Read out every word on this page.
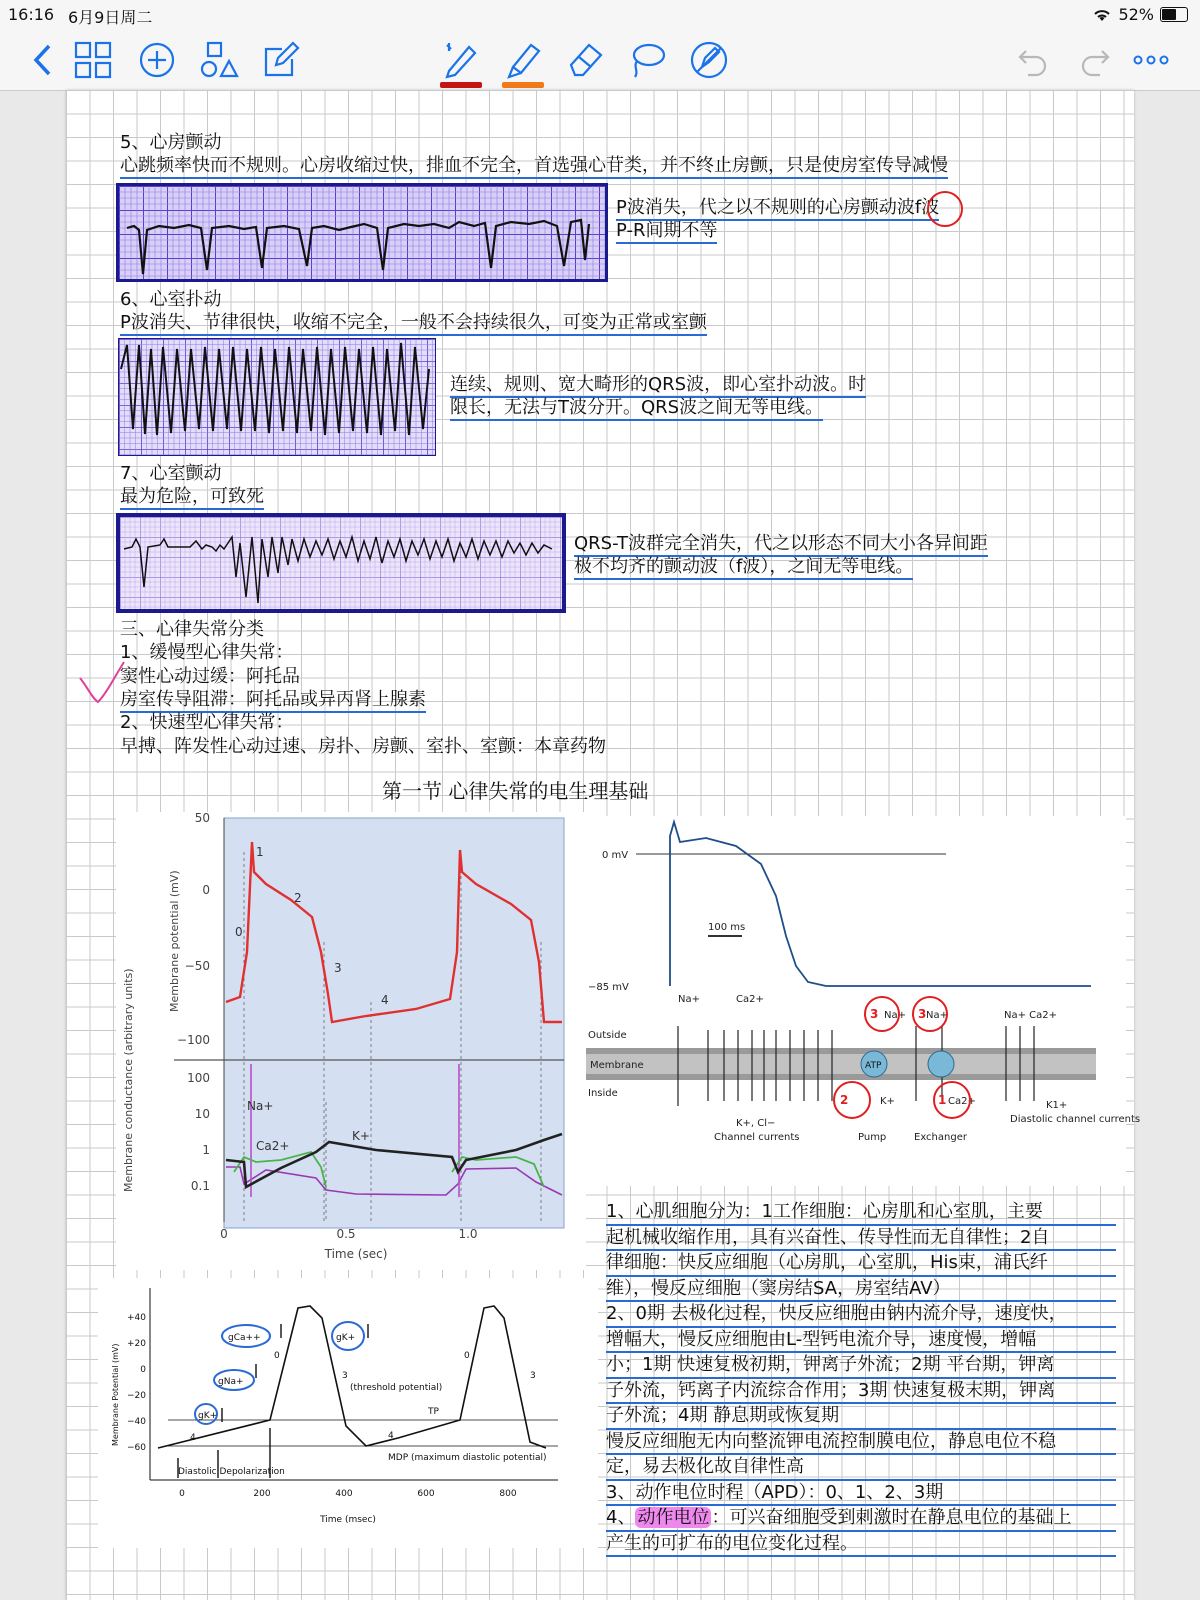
16:16 6月9日周二	52%
5、心房颤动
心跳频率快而不规则。心房收缩过快，排血不完全，首选强心苷类，并不终止房颤，只是使房室传导减慢
P波消失，代之以不规则的心房颤动波f波
P-R间期不等
6、心室扑动
P波消失、节律很快，收缩不完全，一般不会持续很久，可变为正常或室颤
连续、规则、宽大畸形的QRS波，即心室扑动波。时
限长，无法与T波分开。QRS波之间无等电线。
7、心室颤动
最为危险，可致死
QRS-T波群完全消失，代之以形态不同大小各异间距
极不均齐的颤动波（f波），之间无等电线。
三、心律失常分类
1、缓慢型心律失常：
窦性心动过缓：阿托品
房室传导阻滞：阿托品或异丙肾上腺素
2、快速型心律失常：
早搏、阵发性心动过速、房扑、房颤、室扑、室颤：本章药物
第一节 心律失常的电生理基础
50
0
−50
−100
100
10
1
0.1
0	0.5	1.0
Time (sec)
Membrane potential (mV)
Membrane conductance (arbitrary units)
0
1
2
3
4
Na+
Ca2+
K+
0 mV
−85 mV
100 ms
Outside
Inside
Membrane	ATP
Na+	Ca2+
K+, Cl−
Channel currents	Pump	Exchanger
Na+ Ca2+
K1+
Diastolic channel currents
K+
Na+ Na+
Ca2+
3	3
2	1
+40
+20
0
−20
−40
−60
0	200	400	600	800
Time (msec)
Membrane Potential (mV)	TP
(threshold potential)
MDP (maximum diastolic potential)
Diastolic Depolarization
0
3
4
0
3
4
gCa++
gNa+
gK+
gK+

1、心肌细胞分为：1工作细胞：心房肌和心室肌，主要

起机械收缩作用，具有兴奋性、传导性而无自律性；2自

律细胞：快反应细胞（心房肌，心室肌，His束，浦氏纤

维），慢反应细胞（窦房结SA，房室结AV）

2、0期 去极化过程，快反应细胞由钠内流介导，速度快，

增幅大，慢反应细胞由L-型钙电流介导，速度慢，增幅

小；1期 快速复极初期，钾离子外流；2期 平台期，钾离

子外流，钙离子内流综合作用；3期 快速复极末期，钾离

子外流；4期 静息期或恢复期

慢反应细胞无内向整流钾电流控制膜电位，静息电位不稳

定，易去极化故自律性高

3、动作电位时程（APD）：0、1、2、3期

4、 动作电位 ：可兴奋细胞受到刺激时在静息电位的基础上

产生的可扩布的电位变化过程。
